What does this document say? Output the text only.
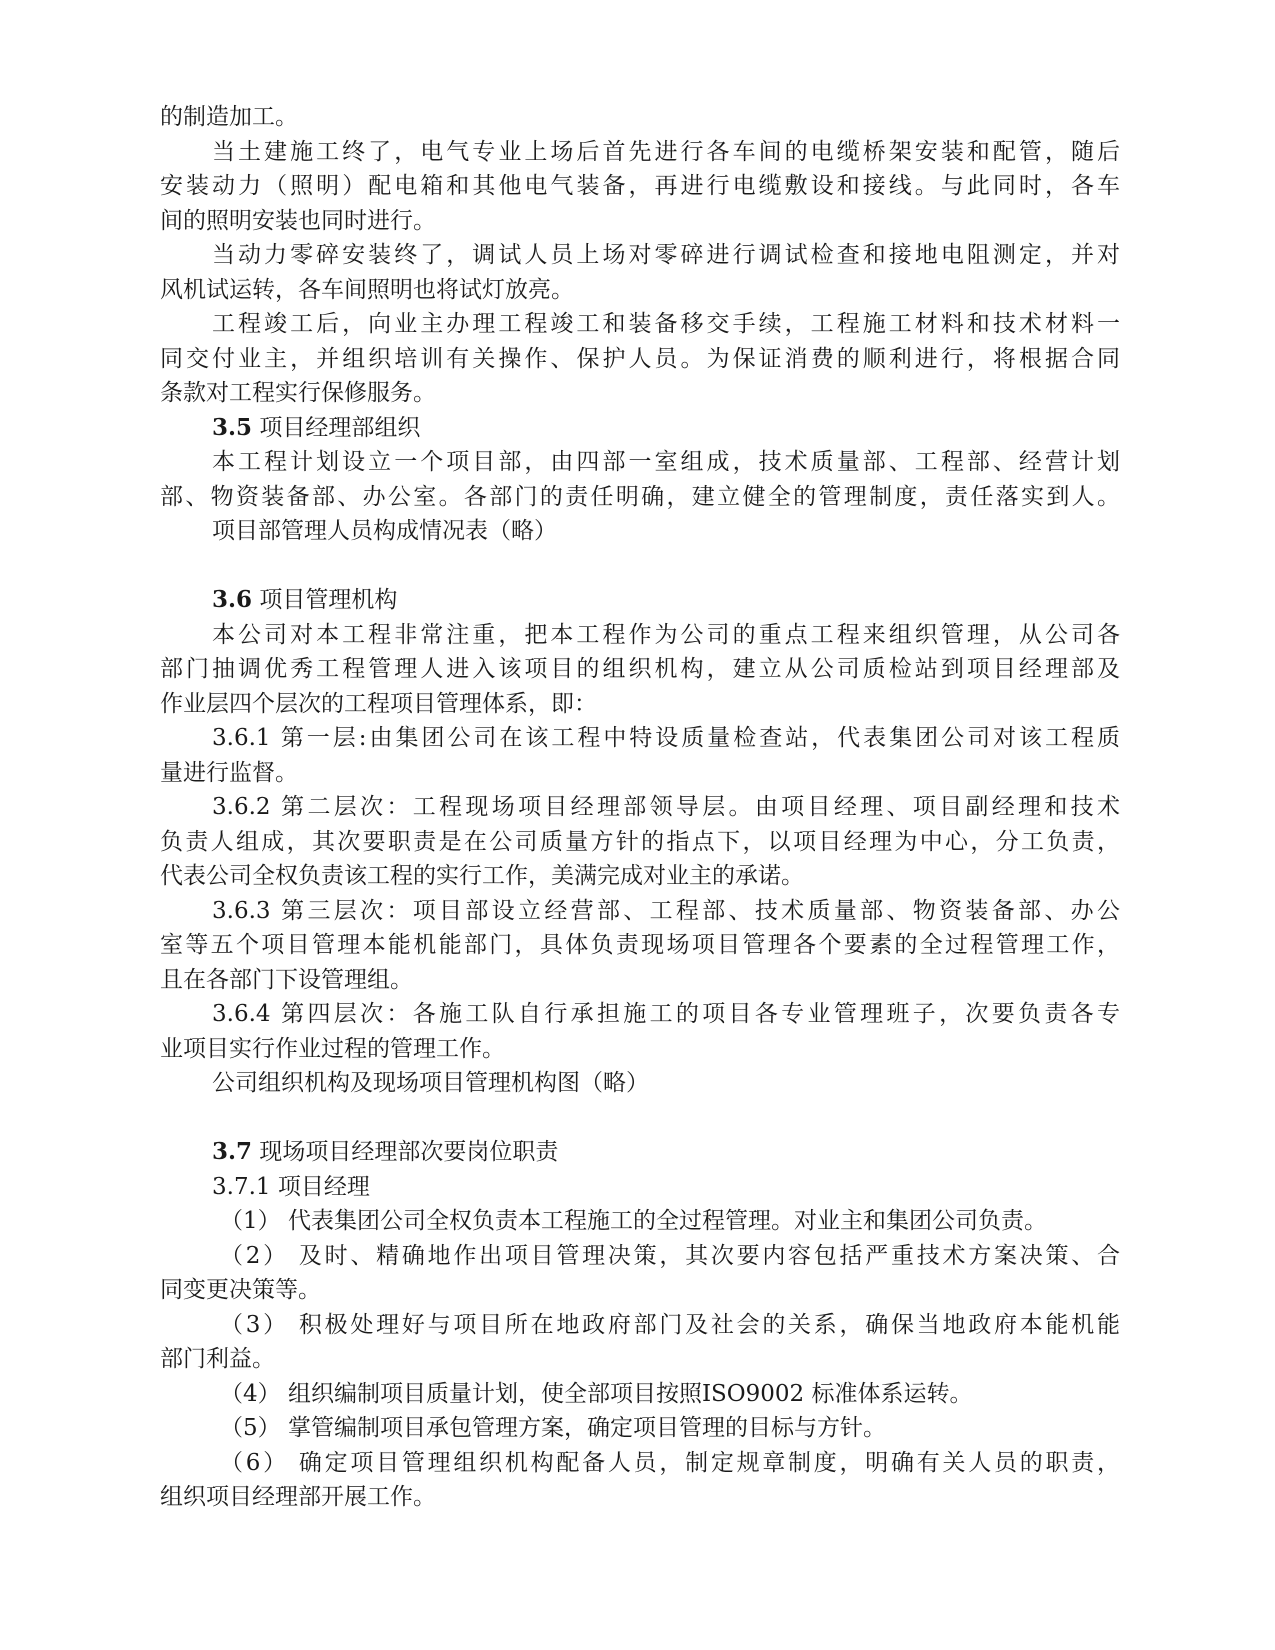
的制造加工。
当土建施工终了，电气专业上场后首先进行各车间的电缆桥架安装和配管，随后
安装动力（照明）配电箱和其他电气装备，再进行电缆敷设和接线。与此同时，各车
间的照明安装也同时进行。
当动力零碎安装终了，调试人员上场对零碎进行调试检查和接地电阻测定，并对
风机试运转，各车间照明也将试灯放亮。
工程竣工后，向业主办理工程竣工和装备移交手续，工程施工材料和技术材料一
同交付业主，并组织培训有关操作、保护人员。为保证消费的顺利进行，将根据合同
条款对工程实行保修服务。
3.5 项目经理部组织
本工程计划设立一个项目部，由四部一室组成，技术质量部、工程部、经营计划
部、物资装备部、办公室。各部门的责任明确，建立健全的管理制度，责任落实到人。
项目部管理人员构成情况表（略）
3.6 项目管理机构
本公司对本工程非常注重，把本工程作为公司的重点工程来组织管理，从公司各
部门抽调优秀工程管理人进入该项目的组织机构，建立从公司质检站到项目经理部及
作业层四个层次的工程项目管理体系，即：
3.6.1 第一层:由集团公司在该工程中特设质量检查站，代表集团公司对该工程质
量进行监督。
3.6.2 第二层次：工程现场项目经理部领导层。由项目经理、项目副经理和技术
负责人组成，其次要职责是在公司质量方针的指点下，以项目经理为中心，分工负责，
代表公司全权负责该工程的实行工作，美满完成对业主的承诺。
3.6.3 第三层次：项目部设立经营部、工程部、技术质量部、物资装备部、办公
室等五个项目管理本能机能部门，具体负责现场项目管理各个要素的全过程管理工作，
且在各部门下设管理组。
3.6.4 第四层次：各施工队自行承担施工的项目各专业管理班子，次要负责各专
业项目实行作业过程的管理工作。
公司组织机构及现场项目管理机构图（略）
3.7 现场项目经理部次要岗位职责
3.7.1 项目经理
（1） 代表集团公司全权负责本工程施工的全过程管理。对业主和集团公司负责。
（2） 及时、精确地作出项目管理决策，其次要内容包括严重技术方案决策、合
同变更决策等。
（3） 积极处理好与项目所在地政府部门及社会的关系，确保当地政府本能机能
部门利益。
（4） 组织编制项目质量计划，使全部项目按照ISO9002 标准体系运转。
（5） 掌管编制项目承包管理方案，确定项目管理的目标与方针。
（6） 确定项目管理组织机构配备人员，制定规章制度，明确有关人员的职责，
组织项目经理部开展工作。
